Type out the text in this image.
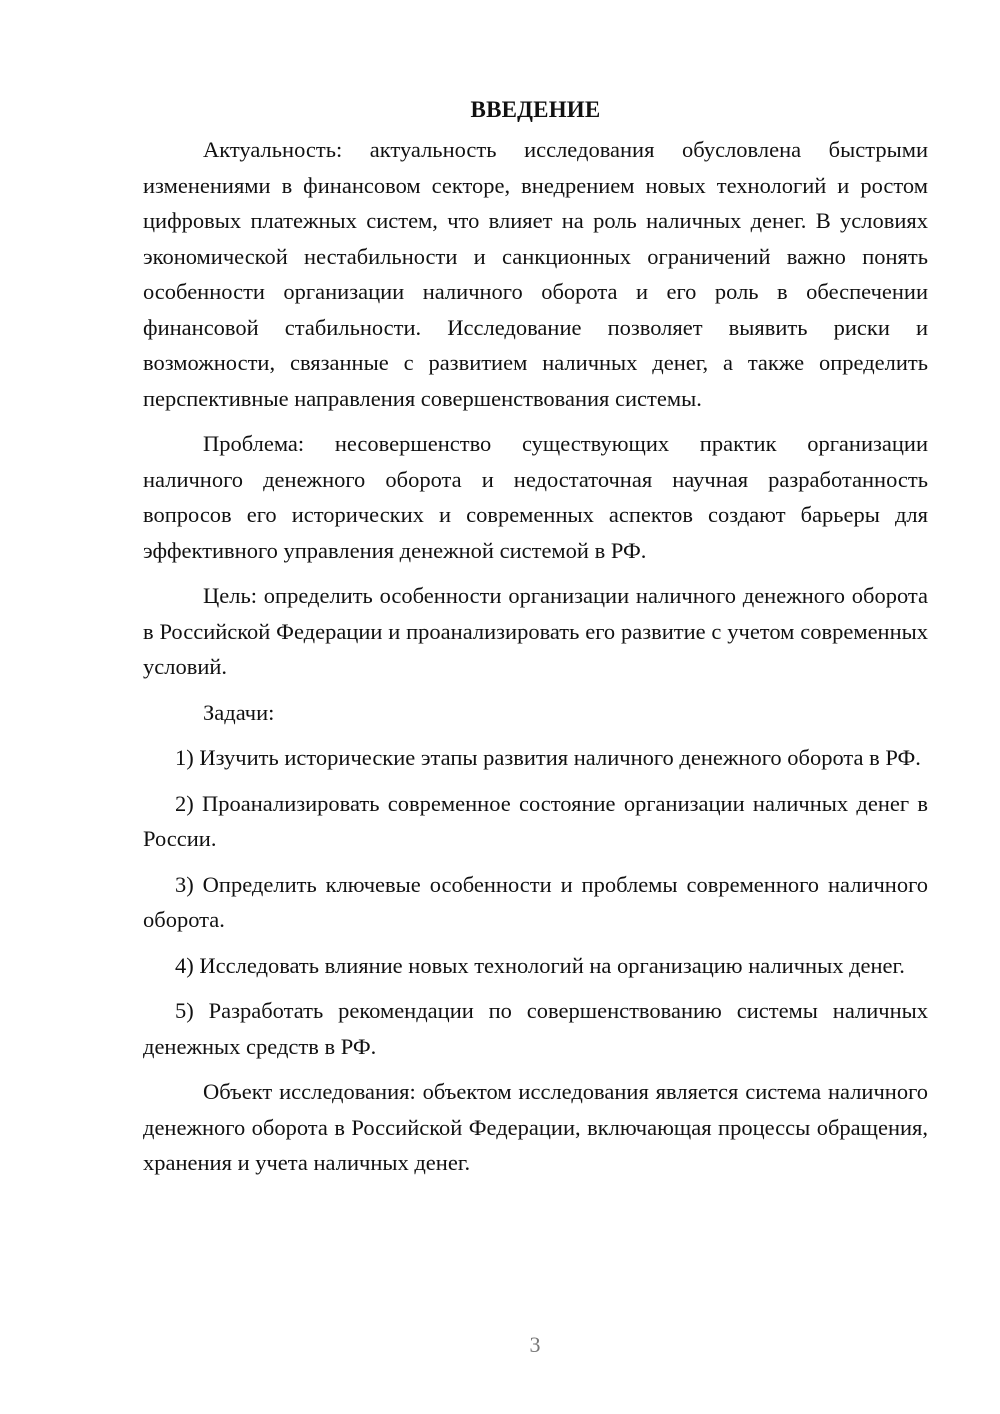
ВВЕДЕНИЕ

Актуальность: актуальность исследования обусловлена быстрыми изменениями в финансовом секторе, внедрением новых технологий и ростом цифровых платежных систем, что влияет на роль наличных денег. В условиях экономической нестабильности и санкционных ограничений важно понять особенности организации наличного оборота и его роль в обеспечении финансовой стабильности. Исследование позволяет выявить риски и возможности, связанные с развитием наличных денег, а также определить перспективные направления совершенствования системы.

Проблема: несовершенство существующих практик организации наличного денежного оборота и недостаточная научная разработанность вопросов его исторических и современных аспектов создают барьеры для эффективного управления денежной системой в РФ.

Цель: определить особенности организации наличного денежного оборота в Российской Федерации и проанализировать его развитие с учетом современных условий.

Задачи:

1) Изучить исторические этапы развития наличного денежного оборота в РФ.

2) Проанализировать современное состояние организации наличных денег в России.

3) Определить ключевые особенности и проблемы современного наличного оборота.

4) Исследовать влияние новых технологий на организацию наличных денег.

5) Разработать рекомендации по совершенствованию системы наличных денежных средств в РФ.

Объект исследования: объектом исследования является система наличного денежного оборота в Российской Федерации, включающая процессы обращения, хранения и учета наличных денег.

3
